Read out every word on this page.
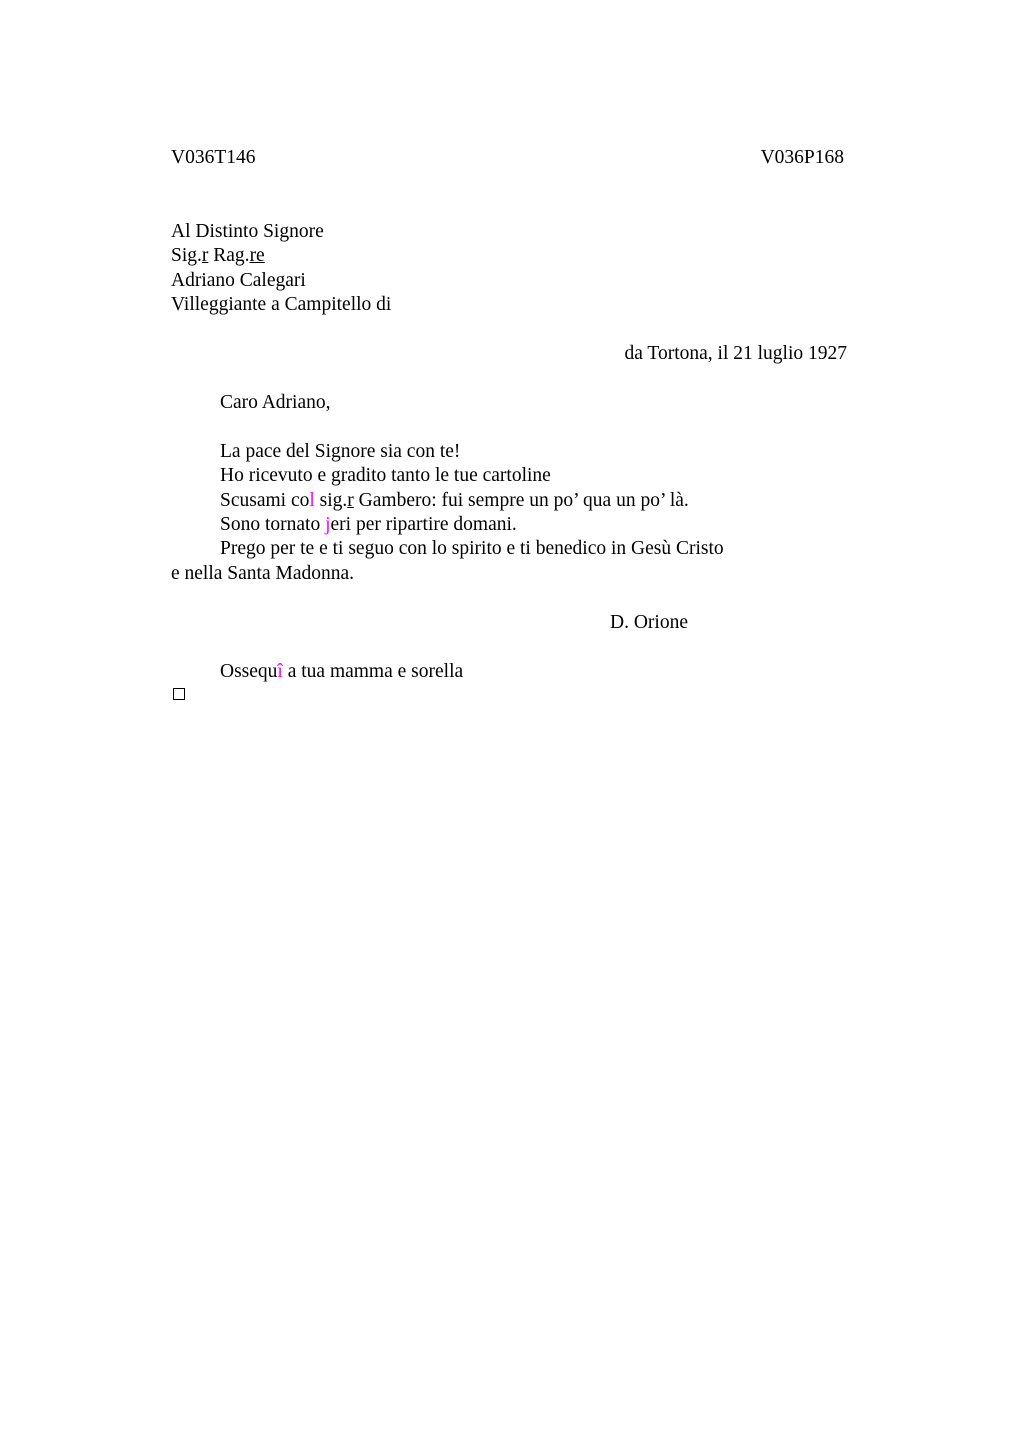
V036T146	V036P168
Al Distinto Signore
Sig.r Rag.re
Adriano Calegari
Villeggiante a Campitello di
da Tortona, il 21 luglio 1927
Caro Adriano,
La pace del Signore sia con te!
Ho ricevuto e gradito tanto le tue cartoline
Scusami col sig.r Gambero: fui sempre un po’ qua un po’ là.
Sono tornato jeri per ripartire domani.
Prego per te e ti seguo con lo spirito e ti benedico in Gesù Cristo
e nella Santa Madonna.
D. Orione
Ossequî a tua mamma e sorella
